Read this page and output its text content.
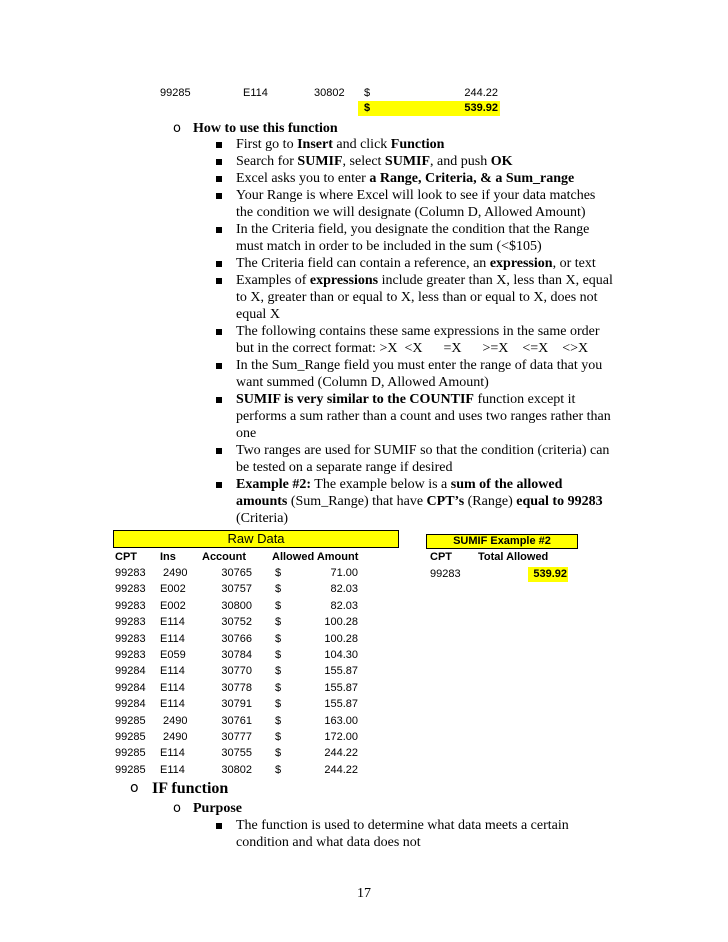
99285	E114	30802 $	244.22
$	539.92
o How to use this function
First go to Insert and click Function
Search for SUMIF, select SUMIF, and push OK
Excel asks you to enter a Range, Criteria, & a Sum_range
Your Range is where Excel will look to see if your data matches
the condition we will designate (Column D, Allowed Amount)
In the Criteria field, you designate the condition that the Range
must match in order to be included in the sum (<$105)
The Criteria field can contain a reference, an expression, or text
Examples of expressions include greater than X, less than X, equal
to X, greater than or equal to X, less than or equal to X, does not
equal X
The following contains these same expressions in the same order
but in the correct format: >X  <X      =X      >=X    <=X    <>X
In the Sum_Range field you must enter the range of data that you
want summed (Column D, Allowed Amount)
SUMIF is very similar to the COUNTIF function except it
performs a sum rather than a count and uses two ranges rather than
one
Two ranges are used for SUMIF so that the condition (criteria) can
be tested on a separate range if desired
Example #2: The example below is a sum of the allowed
amounts (Sum_Range) that have CPT’s (Range) equal to 99283
(Criteria)
Raw Data	SUMIF Example #2
CPT Ins Account Allowed Amount	CPT Total Allowed
99283	539.92
99283 2490	30765 $	71.00
99283 E002	30757 $	82.03
99283 E002	30800 $	82.03
99283 E114	30752 $	100.28
99283 E114	30766 $	100.28
99283 E059	30784 $	104.30
99284 E114	30770 $	155.87
99284 E114	30778 $	155.87
99284 E114	30791 $	155.87
99285 2490	30761 $	163.00
99285 2490	30777 $	172.00
99285 E114	30755 $	244.22
99285 E114	30802 $	244.22
o IF function
o Purpose
The function is used to determine what data meets a certain
condition and what data does not
17
